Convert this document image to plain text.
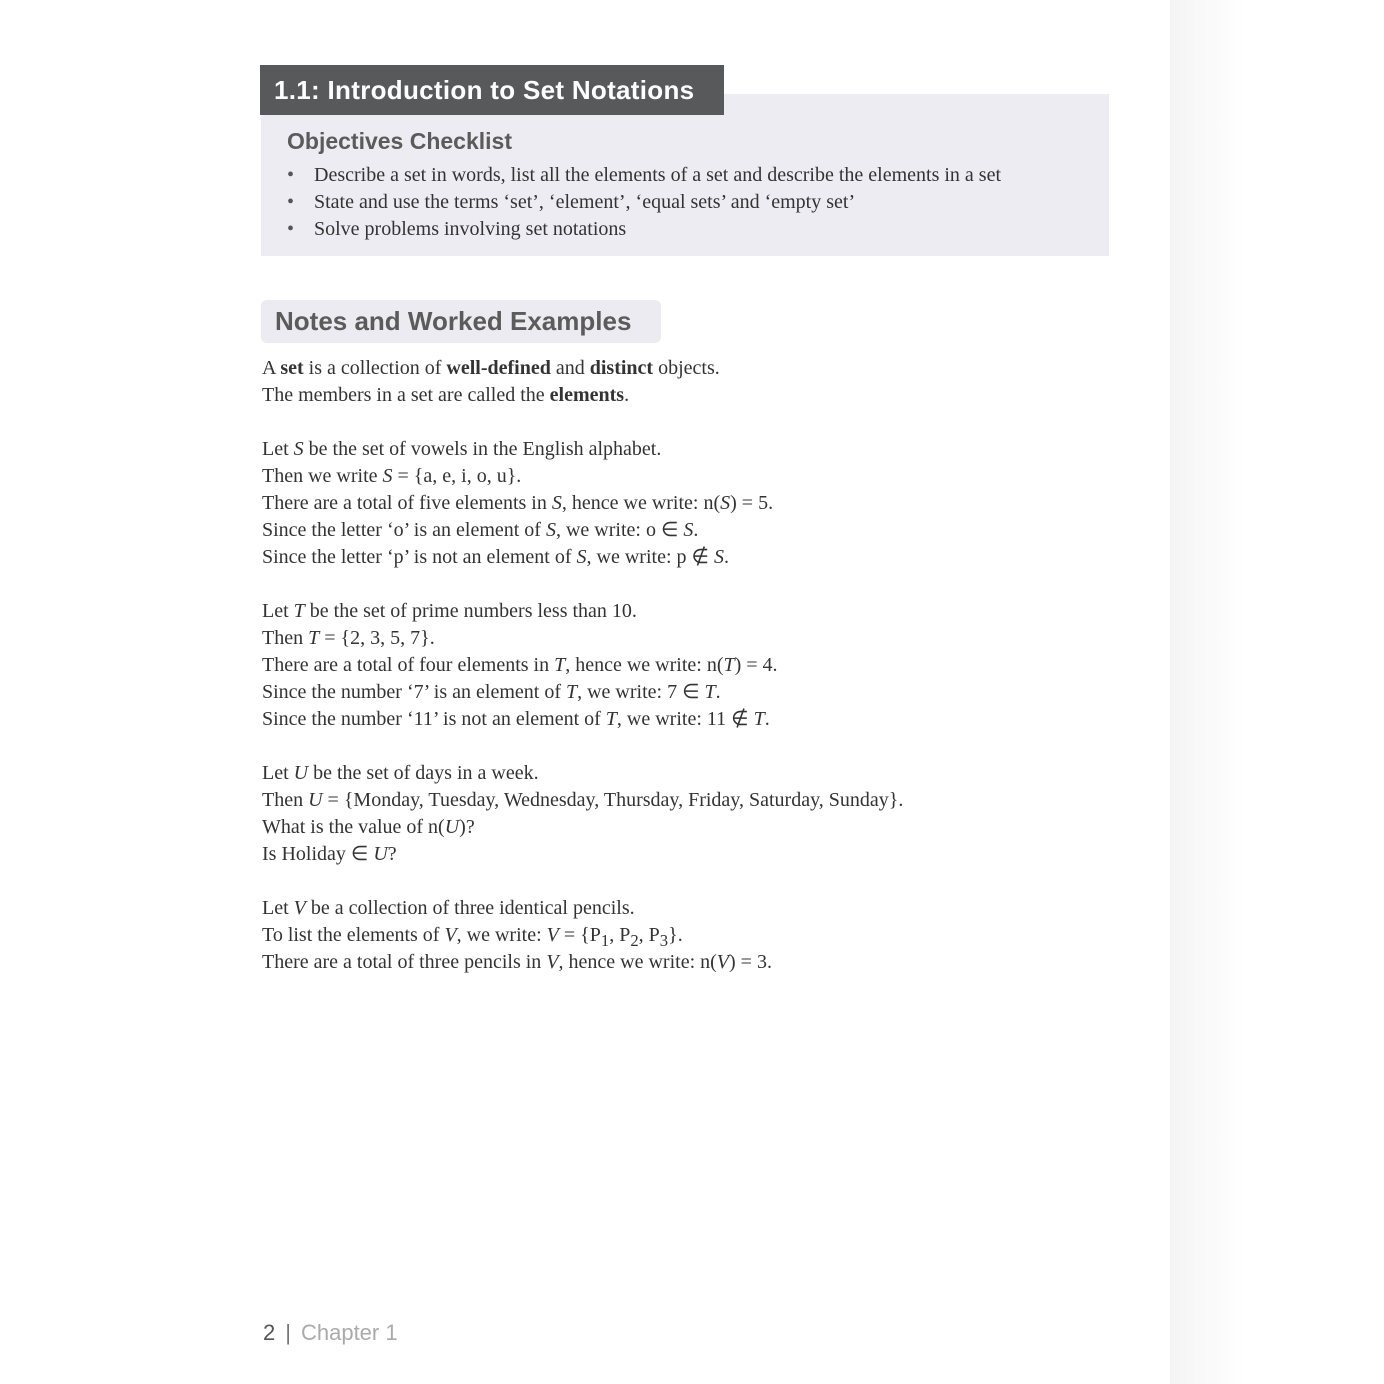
1.1: Introduction to Set Notations
Objectives Checklist
• Describe a set in words, list all the elements of a set and describe the elements in a set
• State and use the terms ‘set’, ‘element’, ‘equal sets’ and ‘empty set’
• Solve problems involving set notations
Notes and Worked Examples
A set is a collection of well-defined and distinct objects.
The members in a set are called the elements.
Let S be the set of vowels in the English alphabet.
Then we write S = {a, e, i, o, u}.
There are a total of five elements in S, hence we write: n(S) = 5.
Since the letter ‘o’ is an element of S, we write: o ∈ S.
Since the letter ‘p’ is not an element of S, we write: p ∉ S.
Let T be the set of prime numbers less than 10.
Then T = {2, 3, 5, 7}.
There are a total of four elements in T, hence we write: n(T) = 4.
Since the number ‘7’ is an element of T, we write: 7 ∈ T.
Since the number ‘11’ is not an element of T, we write: 11 ∉ T.
Let U be the set of days in a week.
Then U = {Monday, Tuesday, Wednesday, Thursday, Friday, Saturday, Sunday}.
What is the value of n(U)?
Is Holiday ∈ U?
Let V be a collection of three identical pencils.
To list the elements of V, we write: $V = \{P_1$, $P_2$, $P_3$}.
There are a total of three pencils in V, hence we write: n(V) = 3.
2 | Chapter 1
